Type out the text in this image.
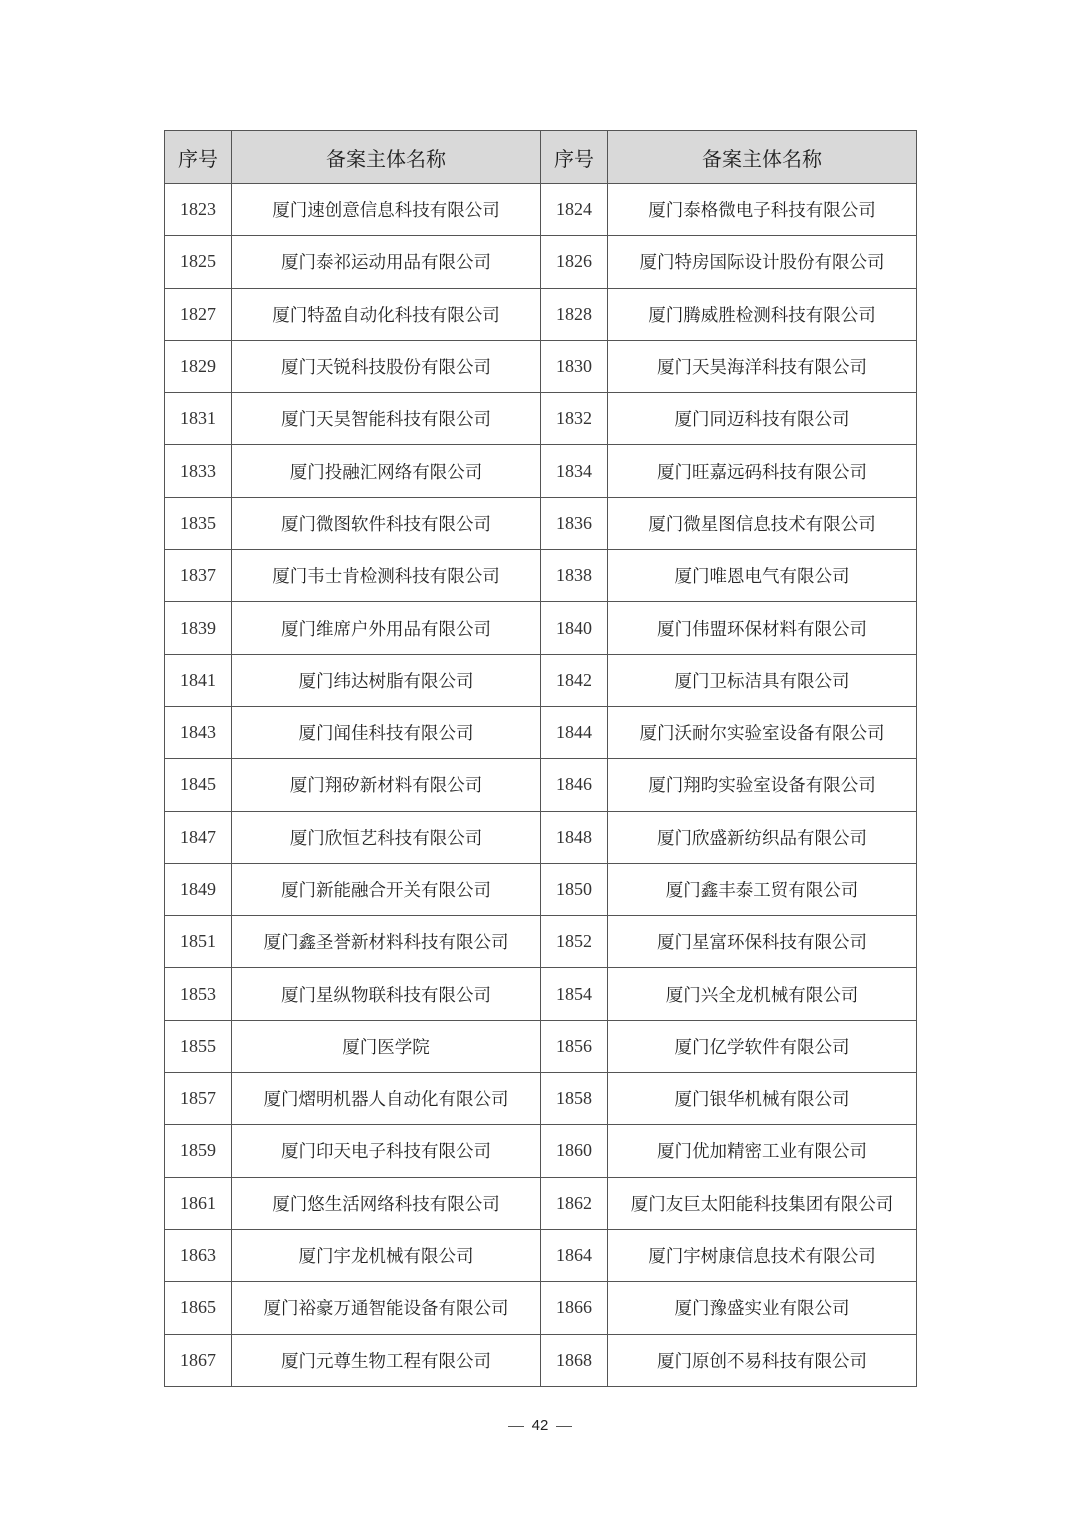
序号	备案主体名称	序号	备案主体名称
1823	厦门速创意信息科技有限公司	1824	厦门泰格微电子科技有限公司
1825	厦门泰祁运动用品有限公司	1826	厦门特房国际设计股份有限公司
1827	厦门特盈自动化科技有限公司	1828	厦门腾威胜检测科技有限公司
1829	厦门天锐科技股份有限公司	1830	厦门天昊海洋科技有限公司
1831	厦门天昊智能科技有限公司	1832	厦门同迈科技有限公司
1833	厦门投融汇网络有限公司	1834	厦门旺嘉远码科技有限公司
1835	厦门微图软件科技有限公司	1836	厦门微星图信息技术有限公司
1837	厦门韦士肯检测科技有限公司	1838	厦门唯恩电气有限公司
1839	厦门维席户外用品有限公司	1840	厦门伟盟环保材料有限公司
1841	厦门纬达树脂有限公司	1842	厦门卫标洁具有限公司
1843	厦门闻佳科技有限公司	1844	厦门沃耐尔实验室设备有限公司
1845	厦门翔矽新材料有限公司	1846	厦门翔昀实验室设备有限公司
1847	厦门欣恒艺科技有限公司	1848	厦门欣盛新纺织品有限公司
1849	厦门新能融合开关有限公司	1850	厦门鑫丰泰工贸有限公司
1851	厦门鑫圣誉新材料科技有限公司	1852	厦门星富环保科技有限公司
1853	厦门星纵物联科技有限公司	1854	厦门兴全龙机械有限公司
1855	厦门医学院	1856	厦门亿学软件有限公司
1857	厦门熠明机器人自动化有限公司	1858	厦门银华机械有限公司
1859	厦门印天电子科技有限公司	1860	厦门优加精密工业有限公司
1861	厦门悠生活网络科技有限公司	1862	厦门友巨太阳能科技集团有限公司
1863	厦门宇龙机械有限公司	1864	厦门宇树康信息技术有限公司
1865	厦门裕豪万通智能设备有限公司	1866	厦门豫盛实业有限公司
1867	厦门元尊生物工程有限公司	1868	厦门原创不易科技有限公司
42
